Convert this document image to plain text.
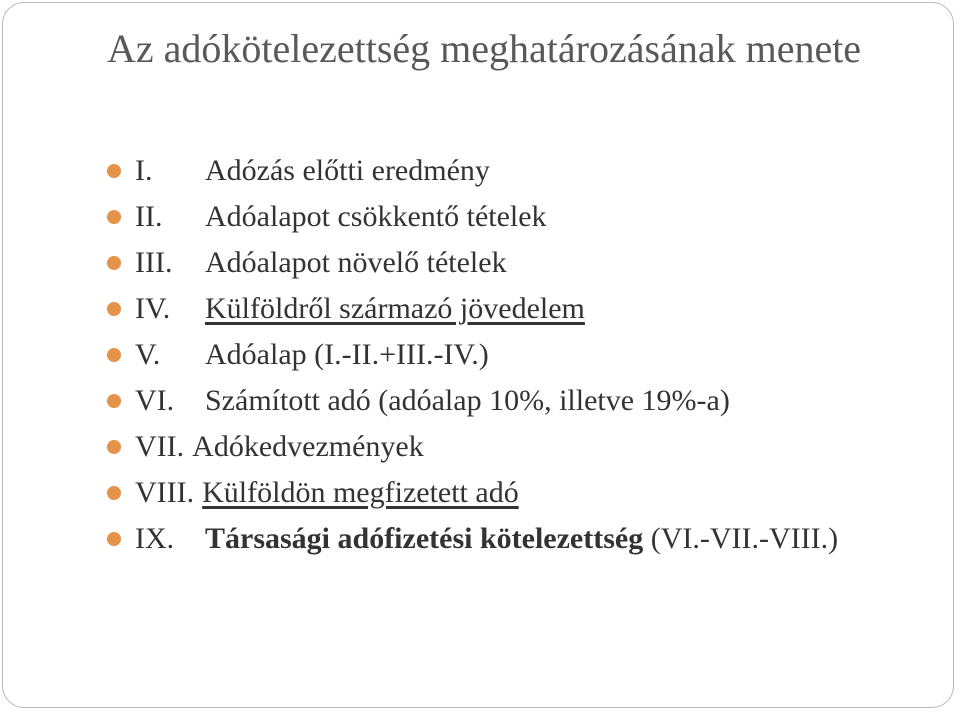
Az adókötelezettség meghatározásának menete
I. Adózás előtti eredmény
II. Adóalapot csökkentő tételek
III. Adóalapot növelő tételek
IV. Külföldről származó jövedelem
V. Adóalap (I.-II.+III.-IV.)
VI. Számított adó (adóalap 10%, illetve 19%-a)
VII. Adókedvezmények
VIII. Külföldön megfizetett adó
IX. Társasági adófizetési kötelezettség (VI.-VII.-VIII.)
